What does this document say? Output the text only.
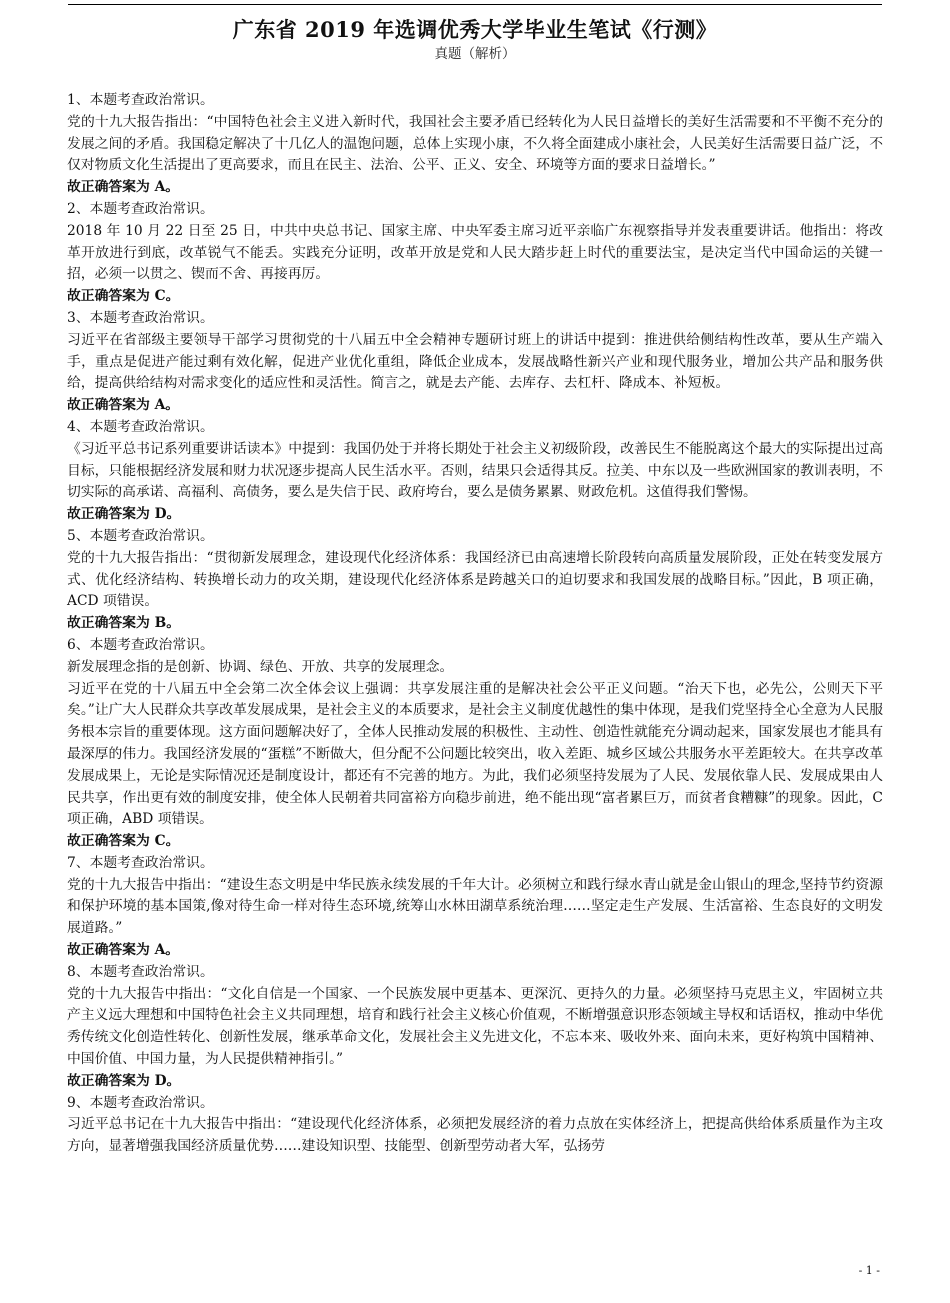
广东省 2019 年选调优秀大学毕业生笔试《行测》
真题（解析）

1、本题考查政治常识。

党的十九大报告指出：“中国特色社会主义进入新时代，我国社会主要矛盾已经转化为人民日益增长的美好生活需要和不平衡不充分的发展之间的矛盾。我国稳定解决了十几亿人的温饱问题，总体上实现小康，不久将全面建成小康社会，人民美好生活需要日益广泛，不仅对物质文化生活提出了更高要求，而且在民主、法治、公平、正义、安全、环境等方面的要求日益增长。”

故正确答案为 A。

2、本题考查政治常识。

2018 年 10 月 22 日至 25 日，中共中央总书记、国家主席、中央军委主席习近平亲临广东视察指导并发表重要讲话。他指出：将改革开放进行到底，改革锐气不能丢。实践充分证明，改革开放是党和人民大踏步赶上时代的重要法宝，是决定当代中国命运的关键一招，必须一以贯之、锲而不舍、再接再厉。

故正确答案为 C。

3、本题考查政治常识。

习近平在省部级主要领导干部学习贯彻党的十八届五中全会精神专题研讨班上的讲话中提到：推进供给侧结构性改革，要从生产端入手，重点是促进产能过剩有效化解，促进产业优化重组，降低企业成本，发展战略性新兴产业和现代服务业，增加公共产品和服务供给，提高供给结构对需求变化的适应性和灵活性。简言之，就是去产能、去库存、去杠杆、降成本、补短板。

故正确答案为 A。

4、本题考查政治常识。

《习近平总书记系列重要讲话读本》中提到：我国仍处于并将长期处于社会主义初级阶段，改善民生不能脱离这个最大的实际提出过高目标，只能根据经济发展和财力状况逐步提高人民生活水平。否则，结果只会适得其反。拉美、中东以及一些欧洲国家的教训表明，不切实际的高承诺、高福利、高债务，要么是失信于民、政府垮台，要么是债务累累、财政危机。这值得我们警惕。

故正确答案为 D。

5、本题考查政治常识。

党的十九大报告指出：“贯彻新发展理念，建设现代化经济体系：我国经济已由高速增长阶段转向高质量发展阶段，正处在转变发展方式、优化经济结构、转换增长动力的攻关期，建设现代化经济体系是跨越关口的迫切要求和我国发展的战略目标。”因此，B 项正确，ACD 项错误。

故正确答案为 B。

6、本题考查政治常识。

新发展理念指的是创新、协调、绿色、开放、共享的发展理念。

习近平在党的十八届五中全会第二次全体会议上强调：共享发展注重的是解决社会公平正义问题。“治天下也，必先公，公则天下平矣。”让广大人民群众共享改革发展成果，是社会主义的本质要求，是社会主义制度优越性的集中体现，是我们党坚持全心全意为人民服务根本宗旨的重要体现。这方面问题解决好了，全体人民推动发展的积极性、主动性、创造性就能充分调动起来，国家发展也才能具有最深厚的伟力。我国经济发展的“蛋糕”不断做大，但分配不公问题比较突出，收入差距、城乡区域公共服务水平差距较大。在共享改革发展成果上，无论是实际情况还是制度设计，都还有不完善的地方。为此，我们必须坚持发展为了人民、发展依靠人民、发展成果由人民共享，作出更有效的制度安排，使全体人民朝着共同富裕方向稳步前进，绝不能出现“富者累巨万，而贫者食糟糠”的现象。因此，C 项正确，ABD 项错误。

故正确答案为 C。

7、本题考查政治常识。

党的十九大报告中指出：“建设生态文明是中华民族永续发展的千年大计。必须树立和践行绿水青山就是金山银山的理念,坚持节约资源和保护环境的基本国策,像对待生命一样对待生态环境,统筹山水林田湖草系统治理……坚定走生产发展、生活富裕、生态良好的文明发展道路。”

故正确答案为 A。

8、本题考查政治常识。

党的十九大报告中指出：“文化自信是一个国家、一个民族发展中更基本、更深沉、更持久的力量。必须坚持马克思主义，牢固树立共产主义远大理想和中国特色社会主义共同理想，培育和践行社会主义核心价值观，不断增强意识形态领域主导权和话语权，推动中华优秀传统文化创造性转化、创新性发展，继承革命文化，发展社会主义先进文化，不忘本来、吸收外来、面向未来，更好构筑中国精神、中国价值、中国力量，为人民提供精神指引。”

故正确答案为 D。

9、本题考查政治常识。

习近平总书记在十九大报告中指出：“建设现代化经济体系，必须把发展经济的着力点放在实体经济上，把提高供给体系质量作为主攻方向，显著增强我国经济质量优势……建设知识型、技能型、创新型劳动者大军，弘扬劳

- 1 -
